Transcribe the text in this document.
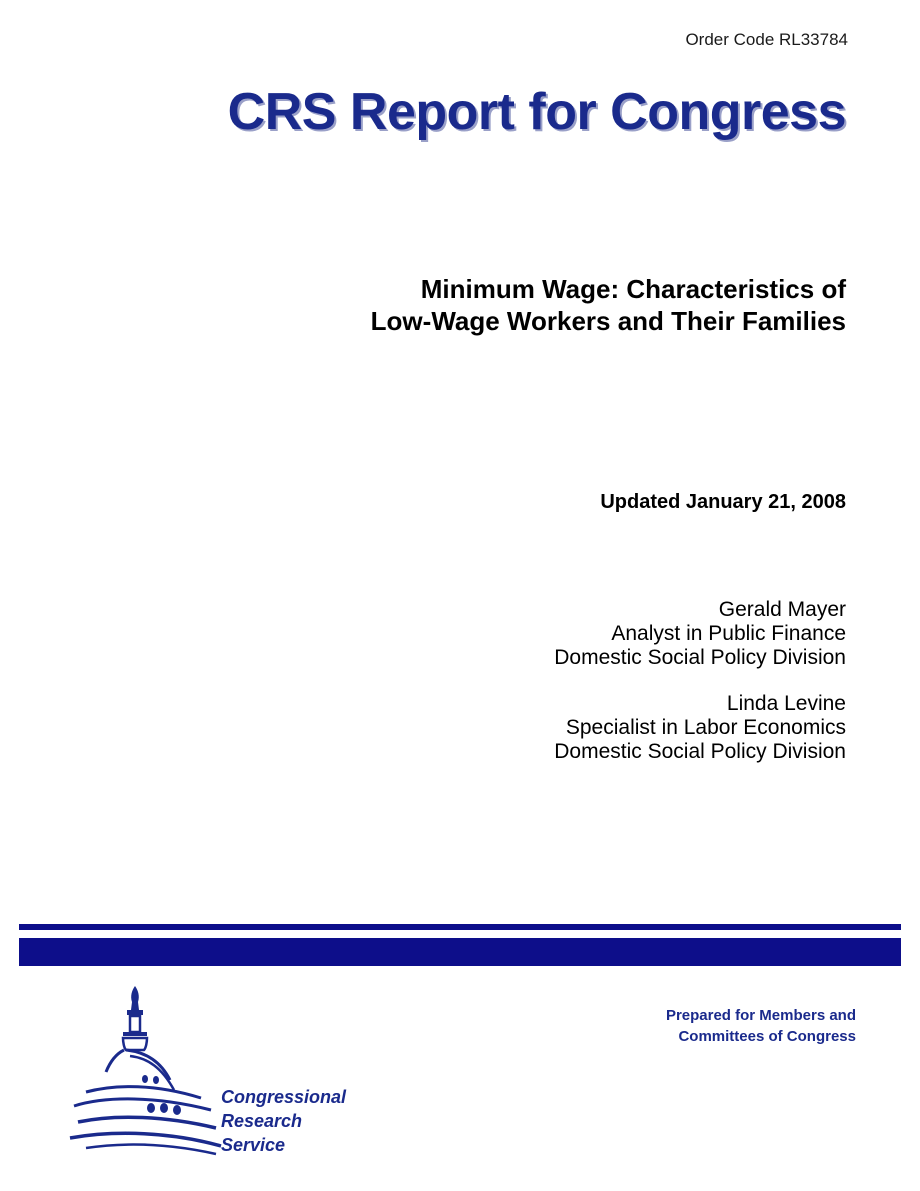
Order Code RL33784
CRS Report for Congress
Minimum Wage: Characteristics of
Low-Wage Workers and Their Families
Updated January 21, 2008
Gerald Mayer
Analyst in Public Finance
Domestic Social Policy Division
Linda Levine
Specialist in Labor Economics
Domestic Social Policy Division
Prepared for Members and
Committees of Congress
Congressional
Research
Service
